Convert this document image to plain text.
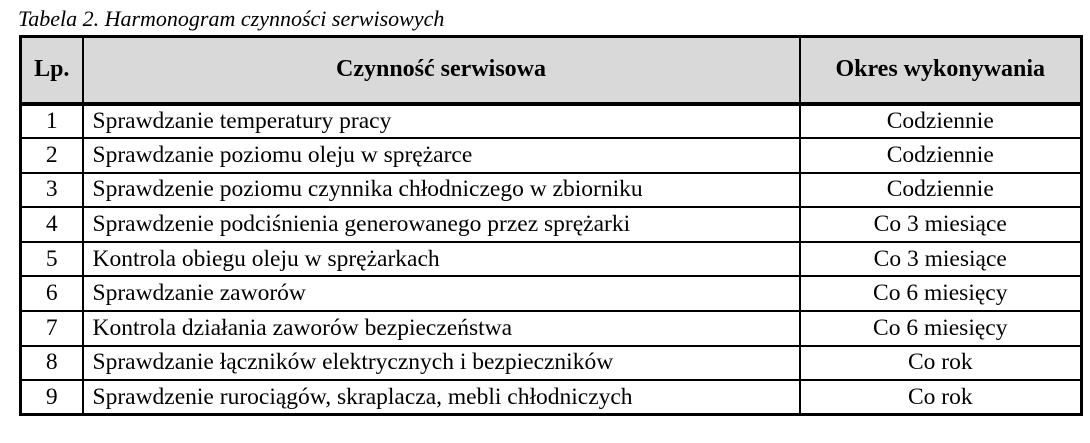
Tabela 2. Harmonogram czynności serwisowych
Lp.	Czynność serwisowa	Okres wykonywania
1	Sprawdzanie temperatury pracy	Codziennie
2	Sprawdzanie poziomu oleju w sprężarce	Codziennie
3	Sprawdzenie poziomu czynnika chłodniczego w zbiorniku	Codziennie
4	Sprawdzenie podciśnienia generowanego przez sprężarki	Co 3 miesiące
5	Kontrola obiegu oleju w sprężarkach	Co 3 miesiące
6	Sprawdzanie zaworów	Co 6 miesięcy
7	Kontrola działania zaworów bezpieczeństwa	Co 6 miesięcy
8	Sprawdzanie łączników elektrycznych i bezpieczników	Co rok
9	Sprawdzenie rurociągów, skraplacza, mebli chłodniczych	Co rok
